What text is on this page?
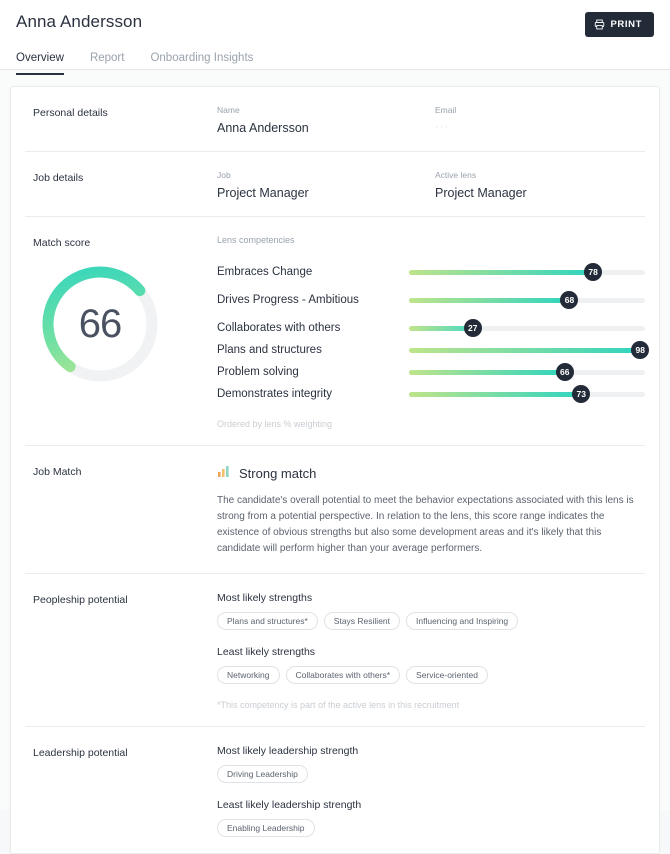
Anna Andersson	PRINT
Overview Report Onboarding Insights
Personal details	Name
Anna Andersson
Email
···
Job details	Job
Project Manager
Active lens
Project Manager
Match score	Lens competencies
66
Embraces Change	78
Drives Progress - Ambitious	68
Collaborates with others	27
Plans and structures	98
Problem solving	66
Demonstrates integrity	73
Ordered by lens % weighting
Job Match	Strong match
The candidate's overall potential to meet the behavior expectations associated with this lens is strong from a potential perspective. In relation to the lens, this score range indicates the existence of obvious strengths but also some development areas and it's likely that this candidate will perform higher than your average performers.
Peopleship potential	Most likely strengths
Plans and structures*	Stays Resilient	Influencing and Inspiring
Least likely strengths
Networking	Collaborates with others*	Service-oriented
*This competency is part of the active lens in this recruitment
Leadership potential	Most likely leadership strength
Driving Leadership
Least likely leadership strength
Enabling Leadership
